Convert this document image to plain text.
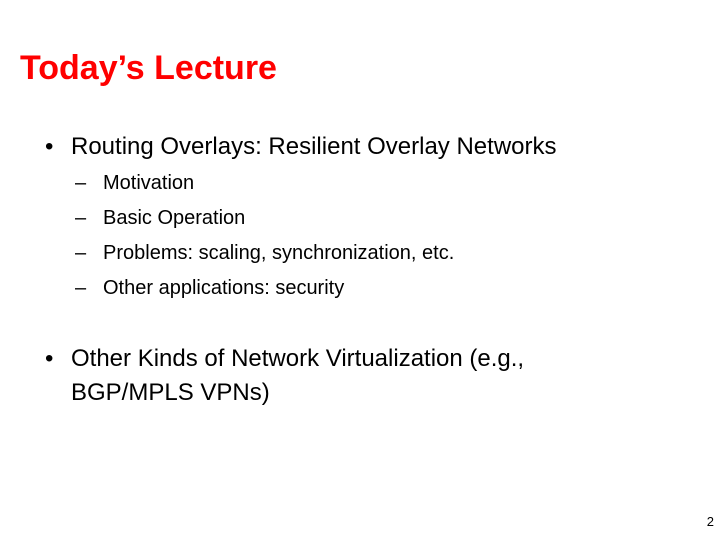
Today’s Lecture
• Routing Overlays: Resilient Overlay Networks
– Motivation
– Basic Operation
– Problems: scaling, synchronization, etc.
– Other applications: security
• Other Kinds of Network Virtualization (e.g.,
BGP/MPLS VPNs)
2
